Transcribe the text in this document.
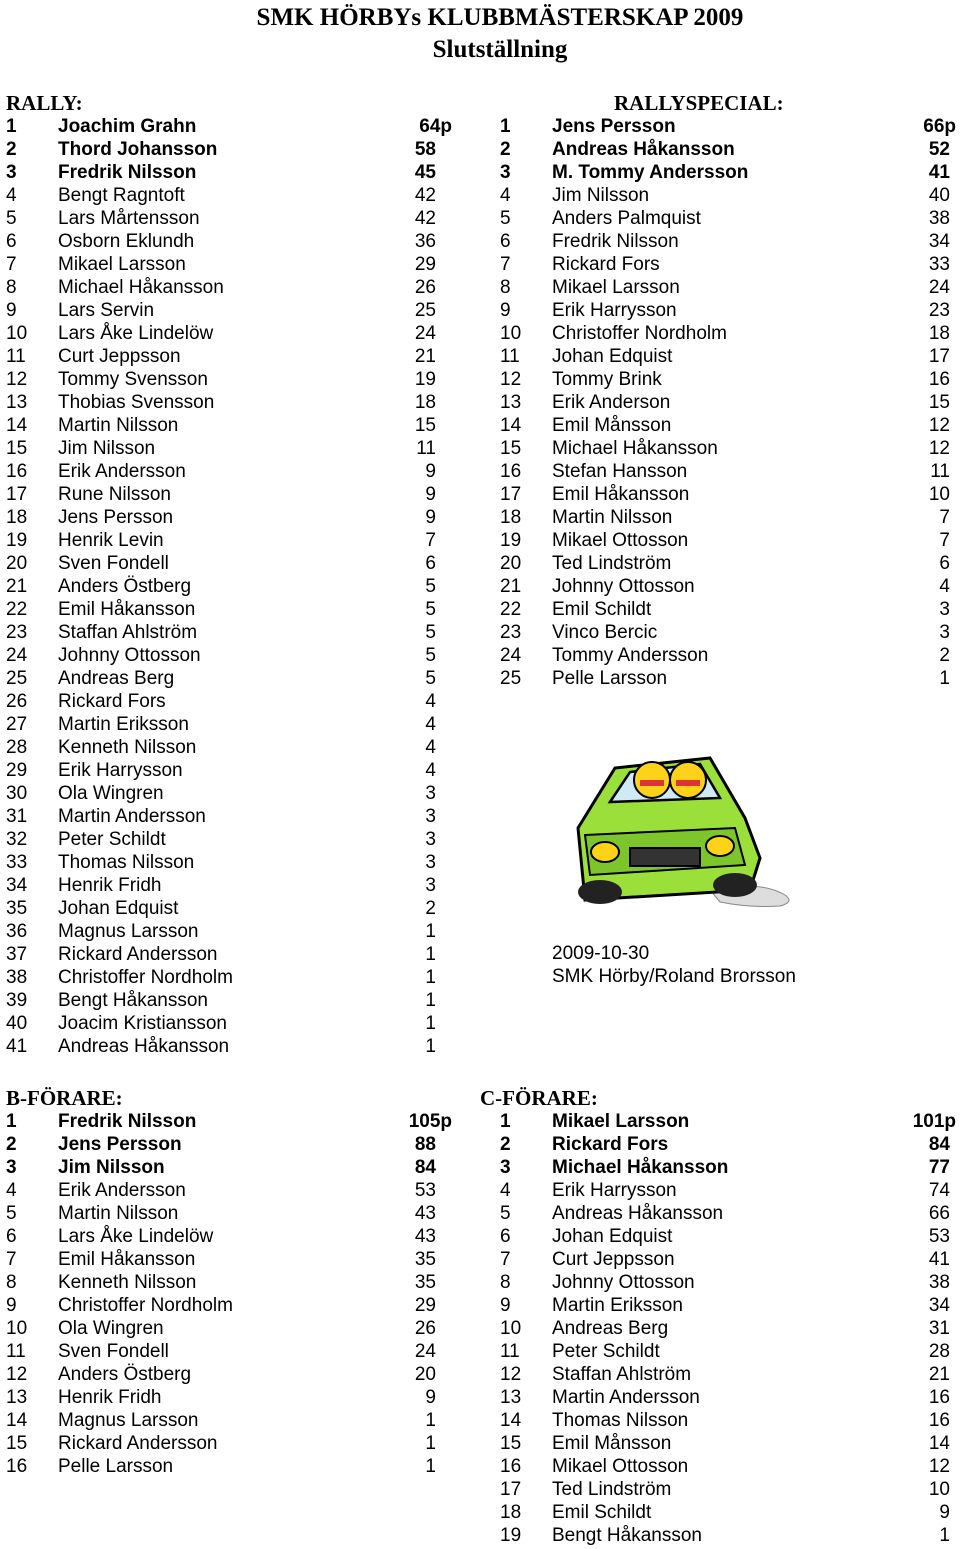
SMK HÖRBYs KLUBBMÄSTERSKAP 2009
Slutställning
RALLY:	RALLYSPECIAL:
1 Joachim Grahn	64p
2 Thord Johansson	58
3 Fredrik Nilsson	45
4 Bengt Ragntoft	42
5 Lars Mårtensson	42
6 Osborn Eklundh	36
7 Mikael Larsson	29
8 Michael Håkansson	26
9 Lars Servin	25
10 Lars Åke Lindelöw	24
11 Curt Jeppsson	21
12 Tommy Svensson	19
13 Thobias Svensson	18
14 Martin Nilsson	15
15 Jim Nilsson	11
16 Erik Andersson	9
17 Rune Nilsson	9
18 Jens Persson	9
19 Henrik Levin	7
20 Sven Fondell	6
21 Anders Östberg	5
22 Emil Håkansson	5
23 Staffan Ahlström	5
24 Johnny Ottosson	5
25 Andreas Berg	5
26 Rickard Fors	4
27 Martin Eriksson	4
28 Kenneth Nilsson	4
29 Erik Harrysson	4
30 Ola Wingren	3
31 Martin Andersson	3
32 Peter Schildt	3
33 Thomas Nilsson	3
34 Henrik Fridh	3
35 Johan Edquist	2
36 Magnus Larsson	1
37 Rickard Andersson	1
38 Christoffer Nordholm	1
39 Bengt Håkansson	1
40 Joacim Kristiansson	1
41 Andreas Håkansson	1
1 Jens Persson	66p
2 Andreas Håkansson	52
3 M. Tommy Andersson	41
4 Jim Nilsson	40
5 Anders Palmquist	38
6 Fredrik Nilsson	34
7 Rickard Fors	33
8 Mikael Larsson	24
9 Erik Harrysson	23
10 Christoffer Nordholm	18
11 Johan Edquist	17
12 Tommy Brink	16
13 Erik Anderson	15
14 Emil Månsson	12
15 Michael Håkansson	12
16 Stefan Hansson	11
17 Emil Håkansson	10
18 Martin Nilsson	7
19 Mikael Ottosson	7
20 Ted Lindström	6
21 Johnny Ottosson	4
22 Emil Schildt	3
23 Vinco Bercic	3
24 Tommy Andersson	2
25 Pelle Larsson	1
2009-10-30
SMK Hörby/Roland Brorsson
B-FÖRARE:	C-FÖRARE:
1 Fredrik Nilsson	105p
2 Jens Persson	88
3 Jim Nilsson	84
4 Erik Andersson	53
5 Martin Nilsson	43
6 Lars Åke Lindelöw	43
7 Emil Håkansson	35
8 Kenneth Nilsson	35
9 Christoffer Nordholm	29
10 Ola Wingren	26
11 Sven Fondell	24
12 Anders Östberg	20
13 Henrik Fridh	9
14 Magnus Larsson	1
15 Rickard Andersson	1
16 Pelle Larsson	1
1 Mikael Larsson	101p
2 Rickard Fors	84
3 Michael Håkansson	77
4 Erik Harrysson	74
5 Andreas Håkansson	66
6 Johan Edquist	53
7 Curt Jeppsson	41
8 Johnny Ottosson	38
9 Martin Eriksson	34
10 Andreas Berg	31
11 Peter Schildt	28
12 Staffan Ahlström	21
13 Martin Andersson	16
14 Thomas Nilsson	16
15 Emil Månsson	14
16 Mikael Ottosson	12
17 Ted Lindström	10
18 Emil Schildt	9
19 Bengt Håkansson	1
